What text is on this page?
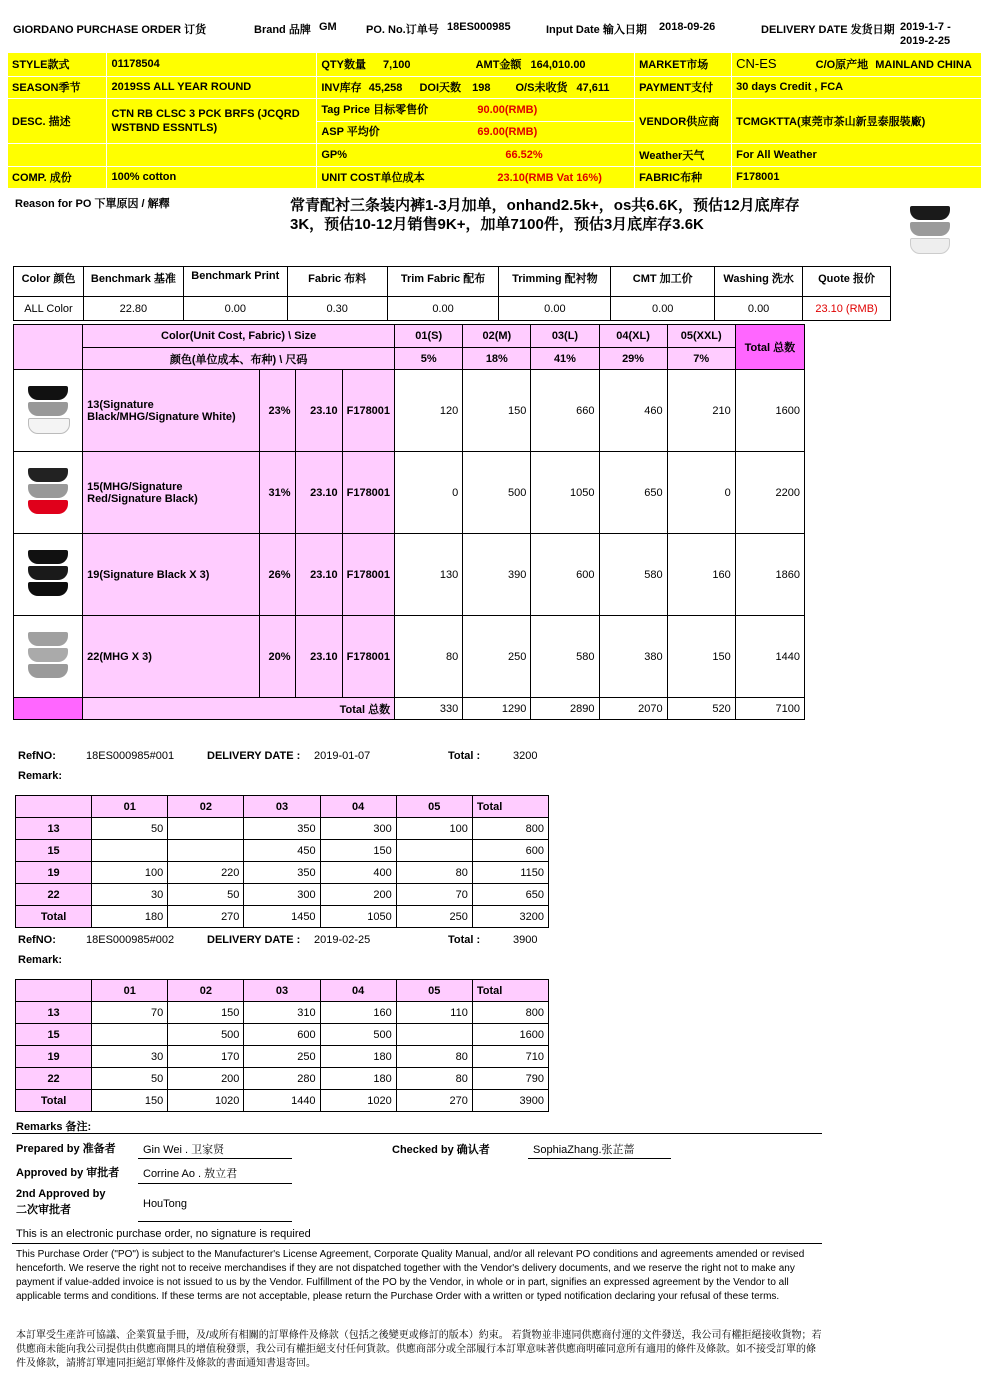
GIORDANO PURCHASE ORDER 订货	Brand 品牌 GM	PO. No.订单号 18ES000985	Input Date 输入日期 2018-09-26	DELIVERY DATE 发货日期 2019-1-7 -
2019-2-25
STYLE款式	01178504	QTY数量 7,100 AMT金额 164,010.00	MARKET市场	CN-ES C/O原产地 MAINLAND CHINA
SEASON季节	2019SS ALL YEAR ROUND	INV库存 45,258 DOI天数 198 O/S未收货 47,611	PAYMENT支付	30 days Credit , FCA
DESC. 描述	CTN RB CLSC 3 PCK BRFS (JCQRD WSTBND ESSNTLS)	Tag Price 目标零售价 90.00(RMB)
ASP 平均价 69.00(RMB)	VENDOR供应商	TCMGKTTA(東莞市茶山新昱泰服裝廠)
		GP% 66.52%	Weather天气	For All Weather
COMP. 成份	100% cotton	UNIT COST单位成本 23.10(RMB Vat 16%)	FABRIC布种	F178001
Reason for PO 下單原因 / 解釋	常青配衬三条装内裤1-3月加单，onhand2.5k+，os共6.6K，预估12月底库存
3K，预估10-12月销售9K+，加单7100件，预估3月底库存3.6K
Color 颜色	Benchmark 基准	Benchmark Print	Fabric 布料	Trim Fabric 配布	Trimming 配衬物	CMT 加工价	Washing 洗水	Quote 报价
ALL Color	22.80	0.00	0.30	0.00	0.00	0.00	0.00	23.10 (RMB)
	Color(Unit Cost, Fabric) \ Size				01(S)	02(M)	03(L)	04(XL)	05(XXL)	Total 总数
	颜色(单位成本、布种) \ 尺码				5%	18%	41%	29%	7%	

	13(Signature Black/MHG/Signature White)	23%	23.10	F178001	120	150	660	460	210	1600

	15(MHG/Signature Red/Signature Black)	31%	23.10	F178001	0	500	1050	650	0	2200

	19(Signature Black X 3)	26%	23.10	F178001	130	390	600	580	160	1860

	22(MHG X 3)	20%	23.10	F178001	80	250	580	380	150	1440
	Total 总数				330	1290	2890	2070	520	7100
RefNO:	18ES000985#001	DELIVERY DATE : 2019-01-07	Total :	3200
Remark:
	01	02	03	04	05	Total
13	50		350	300	100	800
15			450	150		600
19	100	220	350	400	80	1150
22	30	50	300	200	70	650
Total	180	270	1450	1050	250	3200
RefNO:	18ES000985#002	DELIVERY DATE : 2019-02-25	Total :	3900
Remark:
	01	02	03	04	05	Total
13	70	150	310	160	110	800
15		500	600	500		1600
19	30	170	250	180	80	710
22	50	200	280	180	80	790
Total	150	1020	1440	1020	270	3900
Remarks 备注:
Prepared by 准备者 Gin Wei . 卫家贤	Checked by 确认者	SophiaZhang.张芷蔷
Approved by 审批者 Corrine Ao . 敖立君
2nd Approved by
二次审批者	HouTong
This is an electronic purchase order, no signature is required
This Purchase Order ("PO") is subject to the Manufacturer's License Agreement, Corporate Quality Manual, and/or all relevant PO conditions and agreements amended or revised henceforth. We reserve the right not to receive merchandises if they are not dispatched together with the Vendor's delivery documents, and we reserve the right not to make any payment if value-added invoice is not issued to us by the Vendor. Fulfillment of the PO by the Vendor, in whole or in part, signifies an expressed agreement by the Vendor to all applicable terms and conditions. If these terms are not acceptable, please return the Purchase Order with a written or typed notification declaring your refusal of these terms.
本訂單受生產許可協議、企業質量手冊，及/或所有相關的訂單條件及條款（包括之後變更或修訂的版本）約束。 若貨物並非連同供應商付運的文件發送，我公司有權拒絕接收貨物；若供應商未能向我公司提供由供應商開具的增值稅發票，我公司有權拒絕支付任何貨款。供應商部分或全部履行本訂單意味著供應商明確同意所有適用的條件及條款。如不接受訂單的條件及條款，請將訂單連同拒絕訂單條件及條款的書面通知書退寄回。
